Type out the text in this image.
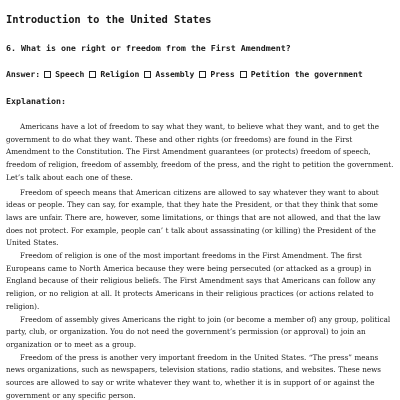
Introduction to the United States
6. What is one right or freedom from the First Amendment?
Answer: Speech Religion Assembly Press Petition the government
Explanation:

Americans have a lot of freedom to say what they want, to believe what they want, and to get the government to do what they want. These and other rights (or freedoms) are found in the First Amendment to the Constitution. The First Amendment guarantees (or protects) freedom of speech, freedom of religion, freedom of assembly, freedom of the press, and the right to petition the government. Let’s talk about each one of these.

Freedom of speech means that American citizens are allowed to say whatever they want to about ideas or people. They can say, for example, that they hate the President, or that they think that some laws are unfair. There are, however, some limitations, or things that are not allowed, and that the law does not protect. For example, people can’ t talk about assassinating (or killing) the President of the United States.

Freedom of religion is one of the most important freedoms in the First Amendment. The first Europeans came to North America because they were being persecuted (or attacked as a group) in England because of their religious beliefs. The First Amendment says that Americans can follow any religion, or no religion at all. It protects Americans in their religious practices (or actions related to religion).

Freedom of assembly gives Americans the right to join (or become a member of) any group, political party, club, or organization. You do not need the government’s permission (or approval) to join an organization or to meet as a group.

Freedom of the press is another very important freedom in the United States. “The press” means news organizations, such as newspapers, television stations, radio stations, and websites. These news sources are allowed to say or write whatever they want to, whether it is in support of or against the government or any specific person.
